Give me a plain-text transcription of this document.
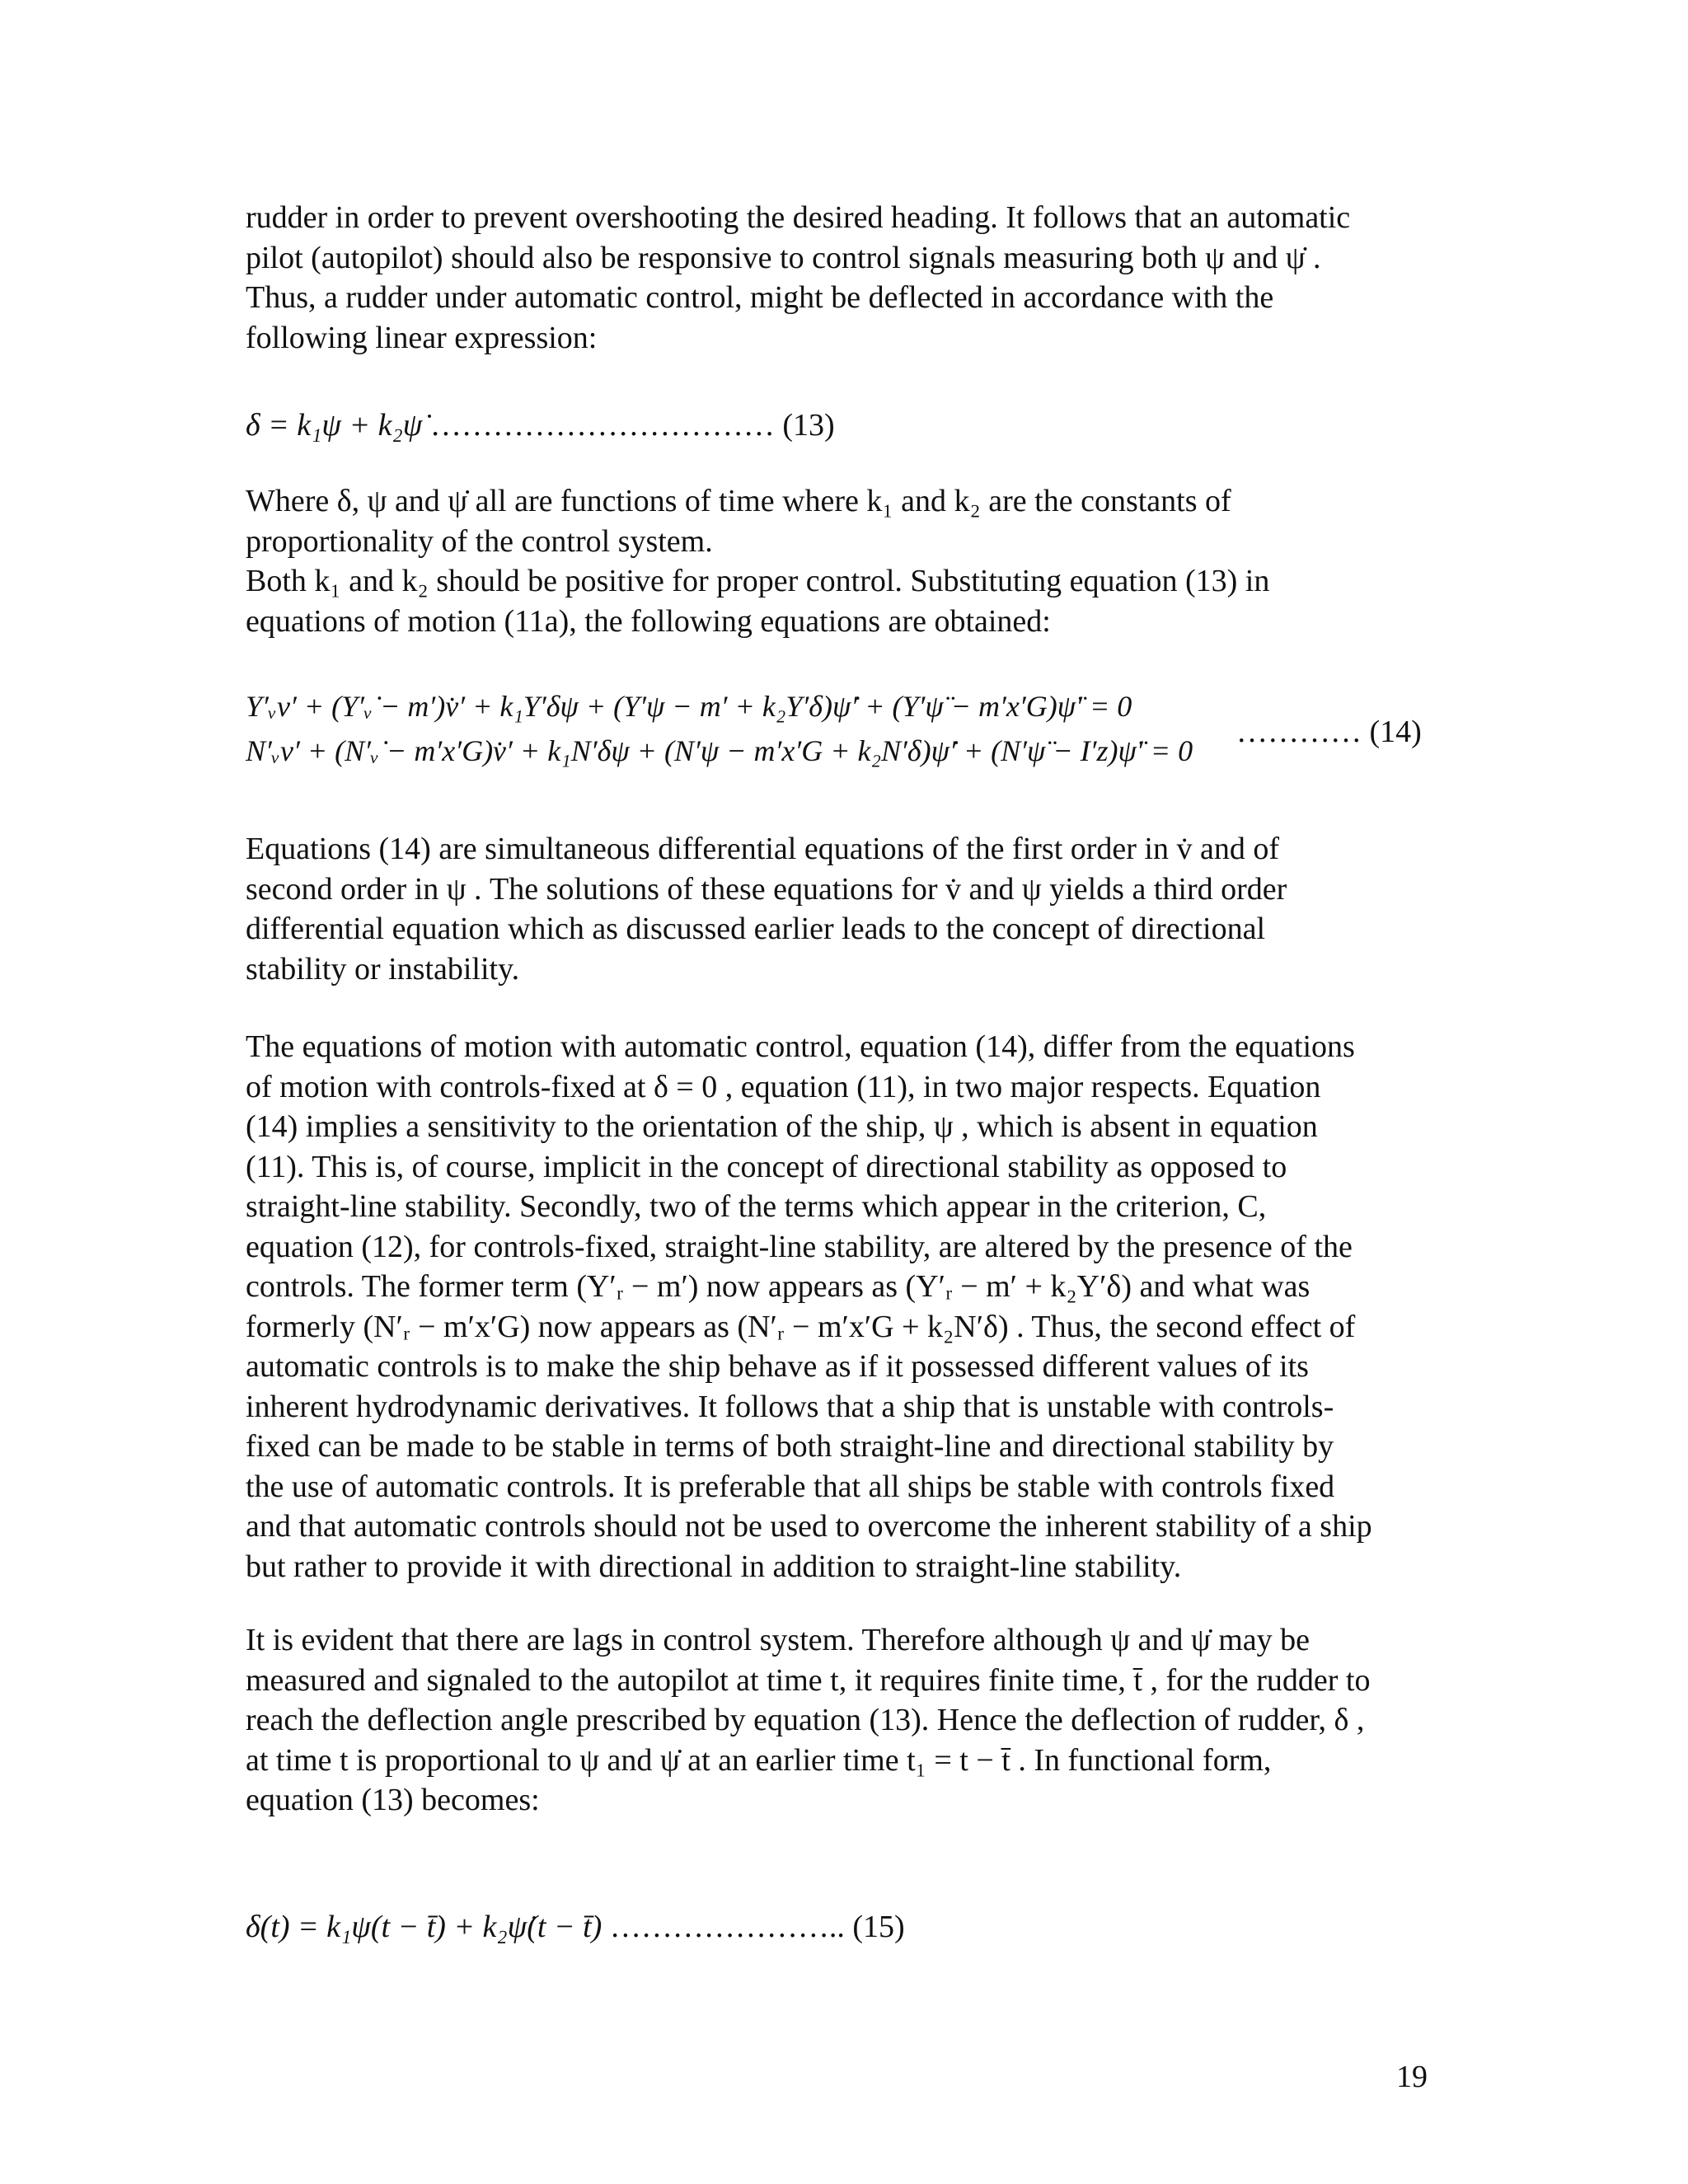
rudder in order to prevent overshooting the desired heading. It follows that an automatic
pilot (autopilot) should also be responsive to control signals measuring both ψ and ψ̇ .
Thus, a rudder under automatic control, might be deflected in accordance with the
following linear expression:

δ = k₁ψ + k₂ψ̇ …………………………… (13)

Where δ, ψ and ψ̇ all are functions of time where k₁ and k₂ are the constants of
proportionality of the control system.
Both k₁ and k₂ should be positive for proper control. Substituting equation (13) in
equations of motion (11a), the following equations are obtained:

Y′ᵥv′ + (Y′ᵥ̇ − m′)v̇′ + k₁Y′δψ + (Y′ψ − m′ + k₂Y′δ)ψ̇′ + (Y′ψ̈ − m′x′G)ψ̈′ = 0
N′ᵥv′ + (N′ᵥ̇ − m′x′G)v̇′ + k₁N′δψ + (N′ψ − m′x′G + k₂N′δ)ψ̇′ + (N′ψ̈ − I′z)ψ̈′ = 0
………… (14)

Equations (14) are simultaneous differential equations of the first order in v̇ and of
second order in ψ . The solutions of these equations for v̇ and ψ yields a third order
differential equation which as discussed earlier leads to the concept of directional
stability or instability.

The equations of motion with automatic control, equation (14), differ from the equations
of motion with controls-fixed at δ = 0 , equation (11), in two major respects. Equation
(14) implies a sensitivity to the orientation of the ship, ψ , which is absent in equation
(11). This is, of course, implicit in the concept of directional stability as opposed to
straight-line stability. Secondly, two of the terms which appear in the criterion, C,
equation (12), for controls-fixed, straight-line stability, are altered by the presence of the
controls. The former term (Y′ᵣ − m′) now appears as (Y′ᵣ − m′ + k₂Y′δ) and what was
formerly (N′ᵣ − m′x′G) now appears as (N′ᵣ − m′x′G + k₂N′δ) . Thus, the second effect of
automatic controls is to make the ship behave as if it possessed different values of its
inherent hydrodynamic derivatives. It follows that a ship that is unstable with controls-
fixed can be made to be stable in terms of both straight-line and directional stability by
the use of automatic controls. It is preferable that all ships be stable with controls fixed
and that automatic controls should not be used to overcome the inherent stability of a ship
but rather to provide it with directional in addition to straight-line stability.

It is evident that there are lags in control system. Therefore although ψ and ψ̇ may be
measured and signaled to the autopilot at time t, it requires finite time, t̄ , for the rudder to
reach the deflection angle prescribed by equation (13). Hence the deflection of rudder, δ ,
at time t is proportional to ψ and ψ̇ at an earlier time t₁ = t − t̄ . In functional form,
equation (13) becomes:

δ(t) = k₁ψ(t − t̄) + k₂ψ̇(t − t̄) ………………….. (15)
19
